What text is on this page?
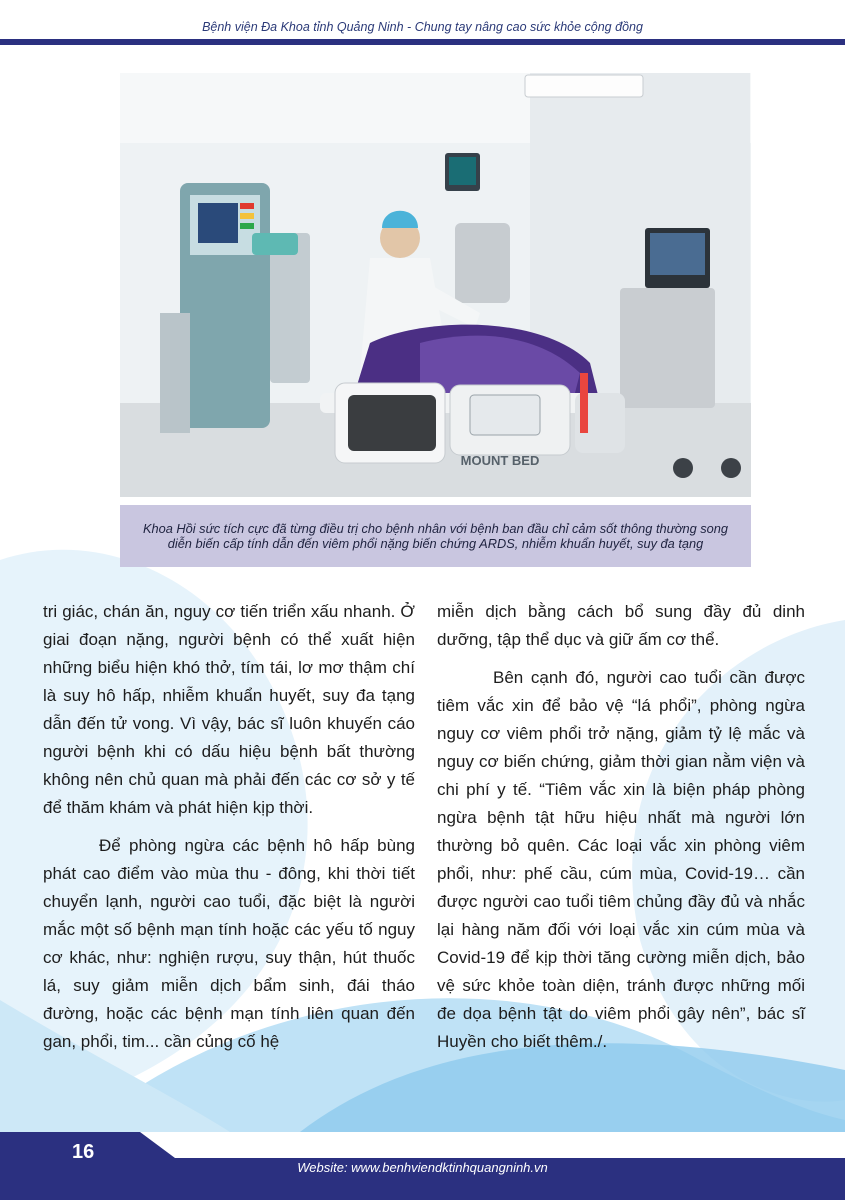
Bệnh viện Đa Khoa tỉnh Quảng Ninh - Chung tay nâng cao sức khỏe cộng đồng
MOUNT BED

Khoa Hồi sức tích cực đã từng điều trị cho bệnh nhân với bệnh ban đầu chỉ cảm sốt thông thường song diễn biến cấp tính dẫn đến viêm phổi nặng biến chứng ARDS, nhiễm khuẩn huyết, suy đa tạng

tri giác, chán ăn, nguy cơ tiến triển xấu nhanh. Ở giai đoạn nặng, người bệnh có thể xuất hiện những biểu hiện khó thở, tím tái, lơ mơ thậm chí là suy hô hấp, nhiễm khuẩn huyết, suy đa tạng dẫn đến tử vong. Vì vậy, bác sĩ luôn khuyến cáo người bệnh khi có dấu hiệu bệnh bất thường không nên chủ quan mà phải đến các cơ sở y tế để thăm khám và phát hiện kịp thời.

Để phòng ngừa các bệnh hô hấp bùng phát cao điểm vào mùa thu - đông, khi thời tiết chuyển lạnh, người cao tuổi, đặc biệt là người mắc một số bệnh mạn tính hoặc các yếu tố nguy cơ khác, như: nghiện rượu, suy thận, hút thuốc lá, suy giảm miễn dịch bẩm sinh, đái tháo đường, hoặc các bệnh mạn tính liên quan đến gan, phổi, tim... cần củng cố hệ

miễn dịch bằng cách bổ sung đầy đủ dinh dưỡng, tập thể dục và giữ ấm cơ thể.

Bên cạnh đó, người cao tuổi cần được tiêm vắc xin để bảo vệ “lá phổi”, phòng ngừa nguy cơ viêm phổi trở nặng, giảm tỷ lệ mắc và nguy cơ biến chứng, giảm thời gian nằm viện và chi phí y tế. “Tiêm vắc xin là biện pháp phòng ngừa bệnh tật hữu hiệu nhất mà người lớn thường bỏ quên. Các loại vắc xin phòng viêm phổi, như: phế cầu, cúm mùa, Covid-19… cần được người cao tuổi tiêm chủng đầy đủ và nhắc lại hàng năm đối với loại vắc xin cúm mùa và Covid-19 để kịp thời tăng cường miễn dịch, bảo vệ sức khỏe toàn diện, tránh được những mối đe dọa bệnh tật do viêm phổi gây nên”, bác sĩ Huyền cho biết thêm./.

16
Website: www.benhviendktinhquangninh.vn
